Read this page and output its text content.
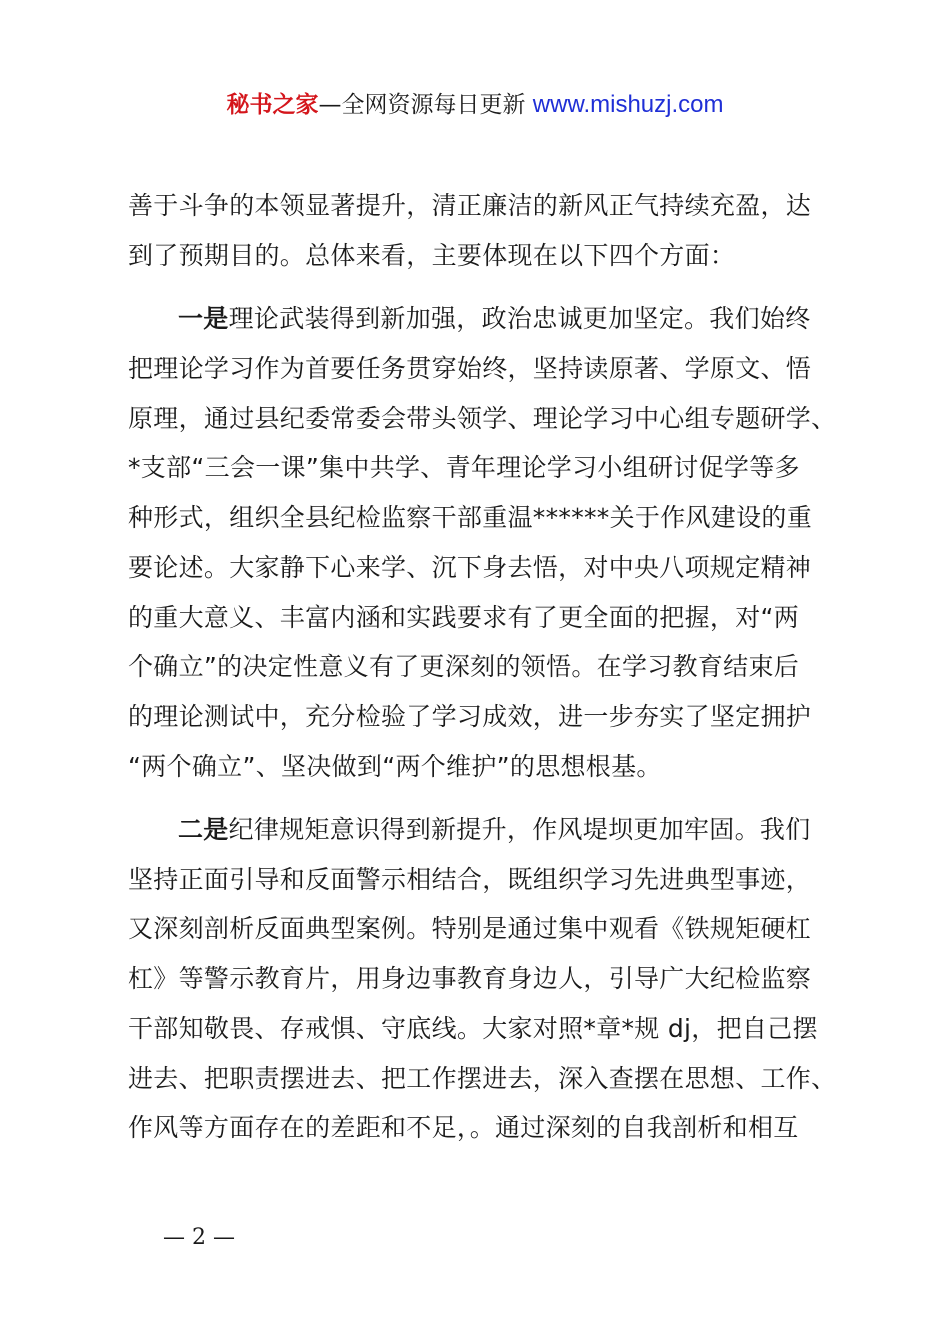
秘书之家—全网资源每日更新 www.mishuzj.com
善于斗争的本领显著提升，清正廉洁的新风正气持续充盈，达
到了预期目的。总体来看，主要体现在以下四个方面：
一是理论武装得到新加强，政治忠诚更加坚定。我们始终
把理论学习作为首要任务贯穿始终，坚持读原著、学原文、悟
原理，通过县纪委常委会带头领学、理论学习中心组专题研学、
*支部“三会一课”集中共学、青年理论学习小组研讨促学等多
种形式，组织全县纪检监察干部重温******关于作风建设的重
要论述。大家静下心来学、沉下身去悟，对中央八项规定精神
的重大意义、丰富内涵和实践要求有了更全面的把握，对“两
个确立”的决定性意义有了更深刻的领悟。在学习教育结束后
的理论测试中，充分检验了学习成效，进一步夯实了坚定拥护
“两个确立”、坚决做到“两个维护”的思想根基。
二是纪律规矩意识得到新提升，作风堤坝更加牢固。我们
坚持正面引导和反面警示相结合，既组织学习先进典型事迹，
又深刻剖析反面典型案例。特别是通过集中观看《铁规矩硬杠
杠》等警示教育片，用身边事教育身边人，引导广大纪检监察
干部知敬畏、存戒惧、守底线。大家对照*章*规 dj，把自己摆
进去、把职责摆进去、把工作摆进去，深入查摆在思想、工作、
作风等方面存在的差距和不足，。通过深刻的自我剖析和相互
— 2 —
